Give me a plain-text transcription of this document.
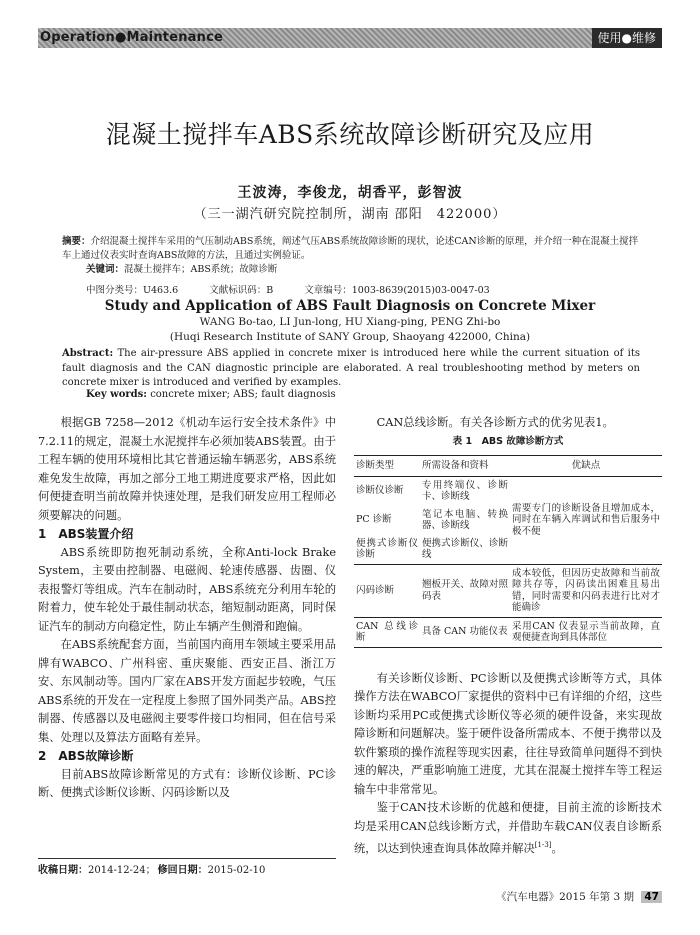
Operation●Maintenance	使用●维修
混凝土搅拌车ABS系统故障诊断研究及应用
王波涛，李俊龙，胡香平，彭智波
（三一湖汽研究院控制所，湖南 邵阳　422000）
摘要：介绍混凝土搅拌车采用的气压制动ABS系统，阐述气压ABS系统故障诊断的现状，论述CAN诊断的原理，并介绍一种在混凝土搅拌车上通过仪表实时查询ABS故障的方法，且通过实例验证。
关键词：混凝土搅拌车；ABS系统；故障诊断
中图分类号：U463.6	文献标识码：B	文章编号：1003-8639(2015)03-0047-03
Study and Application of ABS Fault Diagnosis on Concrete Mixer
WANG Bo-tao, LI Jun-long, HU Xiang-ping, PENG Zhi-bo
(Huqi Research Institute of SANY Group, Shaoyang 422000, China)
Abstract: The air-pressure ABS applied in concrete mixer is introduced here while the current situation of its fault diagnosis and the CAN diagnostic principle are elaborated. A real troubleshooting method by meters on concrete mixer is introduced and verified by examples.
Key words: concrete mixer; ABS; fault diagnosis

根据GB 7258—2012《机动车运行安全技术条件》中7.2.11的规定，混凝土水泥搅拌车必须加装ABS装置。由于工程车辆的使用环境相比其它普通运输车辆恶劣，ABS系统难免发生故障，再加之部分工地工期进度要求严格，因此如何便捷查明当前故障并快速处理，是我们研发应用工程师必须要解决的问题。

1　ABS装置介绍

ABS系统即防抱死制动系统，全称Anti-lock Brake System，主要由控制器、电磁阀、轮速传感器、齿圈、仪表报警灯等组成。汽车在制动时，ABS系统充分利用车轮的附着力，使车轮处于最佳制动状态，缩短制动距离，同时保证汽车的制动方向稳定性，防止车辆产生侧滑和跑偏。

在ABS系统配套方面，当前国内商用车领域主要采用品牌有WABCO、广州科密、重庆聚能、西安正昌、浙江万安、东风制动等。国内厂家在ABS开发方面起步较晚，气压ABS系统的开发在一定程度上参照了国外同类产品。ABS控制器、传感器以及电磁阀主要零件接口均相同，但在信号采集、处理以及算法方面略有差异。

2　ABS故障诊断

目前ABS故障诊断常见的方式有：诊断仪诊断、PC诊断、便携式诊断仪诊断、闪码诊断以及

CAN总线诊断。有关各诊断方式的优劣见表1。

表 1　ABS 故障诊断方式
诊断类型	所需设备和资料	优缺点
诊断仪诊断	专用终端仪、诊断卡、诊断线	需要专门的诊断设备且增加成本，同时在车辆入库调试和售后服务中极不便
PC 诊断	笔记本电脑、转换器、诊断线	
便携式诊断仪诊断	便携式诊断仪、诊断线	
闪码诊断	翘板开关、故障对照码表	成本较低，但因历史故障和当前故障共存等，闪码读出困难且易出错，同时需要和闪码表进行比对才能确诊
CAN 总线诊断	具备 CAN 功能仪表	采用CAN 仪表显示当前故障，直观便捷查询到具体部位

有关诊断仪诊断、PC诊断以及便携式诊断等方式，具体操作方法在WABCO厂家提供的资料中已有详细的介绍，这些诊断均采用PC或便携式诊断仪等必须的硬件设备，来实现故障诊断和问题解决。鉴于硬件设备所需成本、不便于携带以及软件繁琐的操作流程等现实因素，往往导致简单问题得不到快速的解决，严重影响施工进度，尤其在混凝土搅拌车等工程运输车中非常常见。

鉴于CAN技术诊断的优越和便捷，目前主流的诊断技术均是采用CAN总线诊断方式，并借助车载CAN仪表自诊断系统，以达到快速查询具体故障并解决[1-3]。

收稿日期：2014-12-24； 修回日期：2015-02-10
《汽车电器》2015 年第 3 期 47
